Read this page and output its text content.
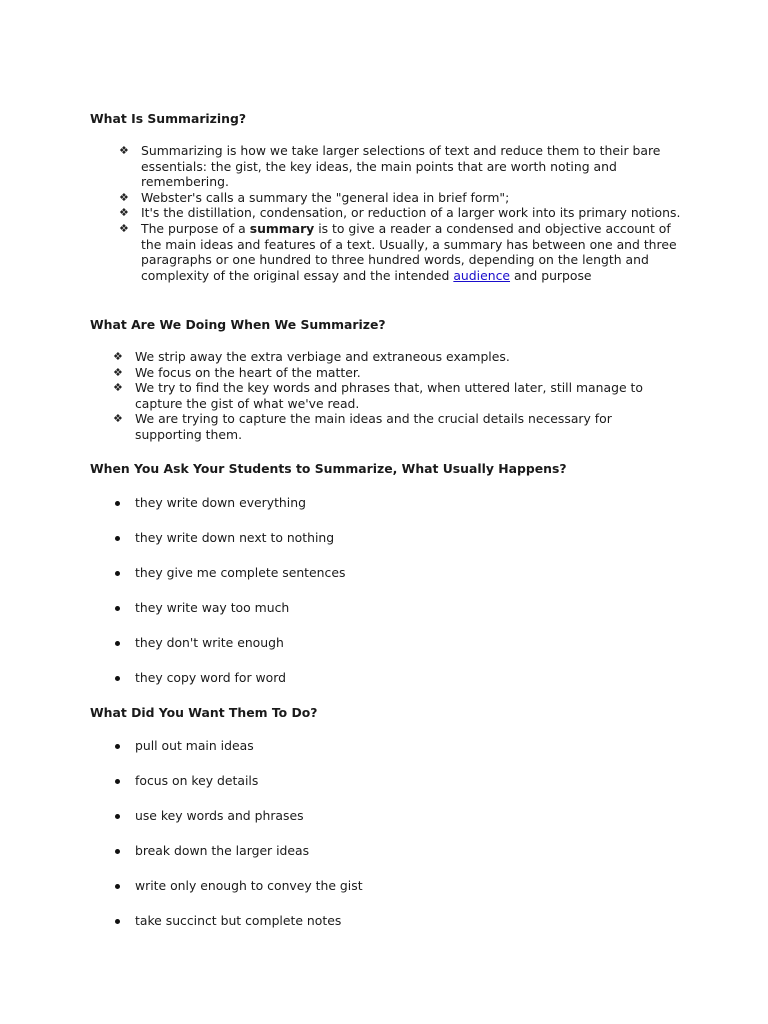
What Is Summarizing?
❖ Summarizing is how we take larger selections of text and reduce them to their bare essentials: the gist, the key ideas, the main points that are worth noting and remembering.
❖ Webster's calls a summary the "general idea in brief form";
❖ It's the distillation, condensation, or reduction of a larger work into its primary notions.
❖ The purpose of a summary is to give a reader a condensed and objective account of the main ideas and features of a text. Usually, a summary has between one and three paragraphs or one hundred to three hundred words, depending on the length and complexity of the original essay and the intended audience and purpose
What Are We Doing When We Summarize?
❖ We strip away the extra verbiage and extraneous examples.
❖ We focus on the heart of the matter.
❖ We try to find the key words and phrases that, when uttered later, still manage to capture the gist of what we've read.
❖ We are trying to capture the main ideas and the crucial details necessary for supporting them.
When You Ask Your Students to Summarize, What Usually Happens?
they write down everything
they write down next to nothing
they give me complete sentences
they write way too much
they don't write enough
they copy word for word
What Did You Want Them To Do?
pull out main ideas
focus on key details
use key words and phrases
break down the larger ideas
write only enough to convey the gist
take succinct but complete notes
